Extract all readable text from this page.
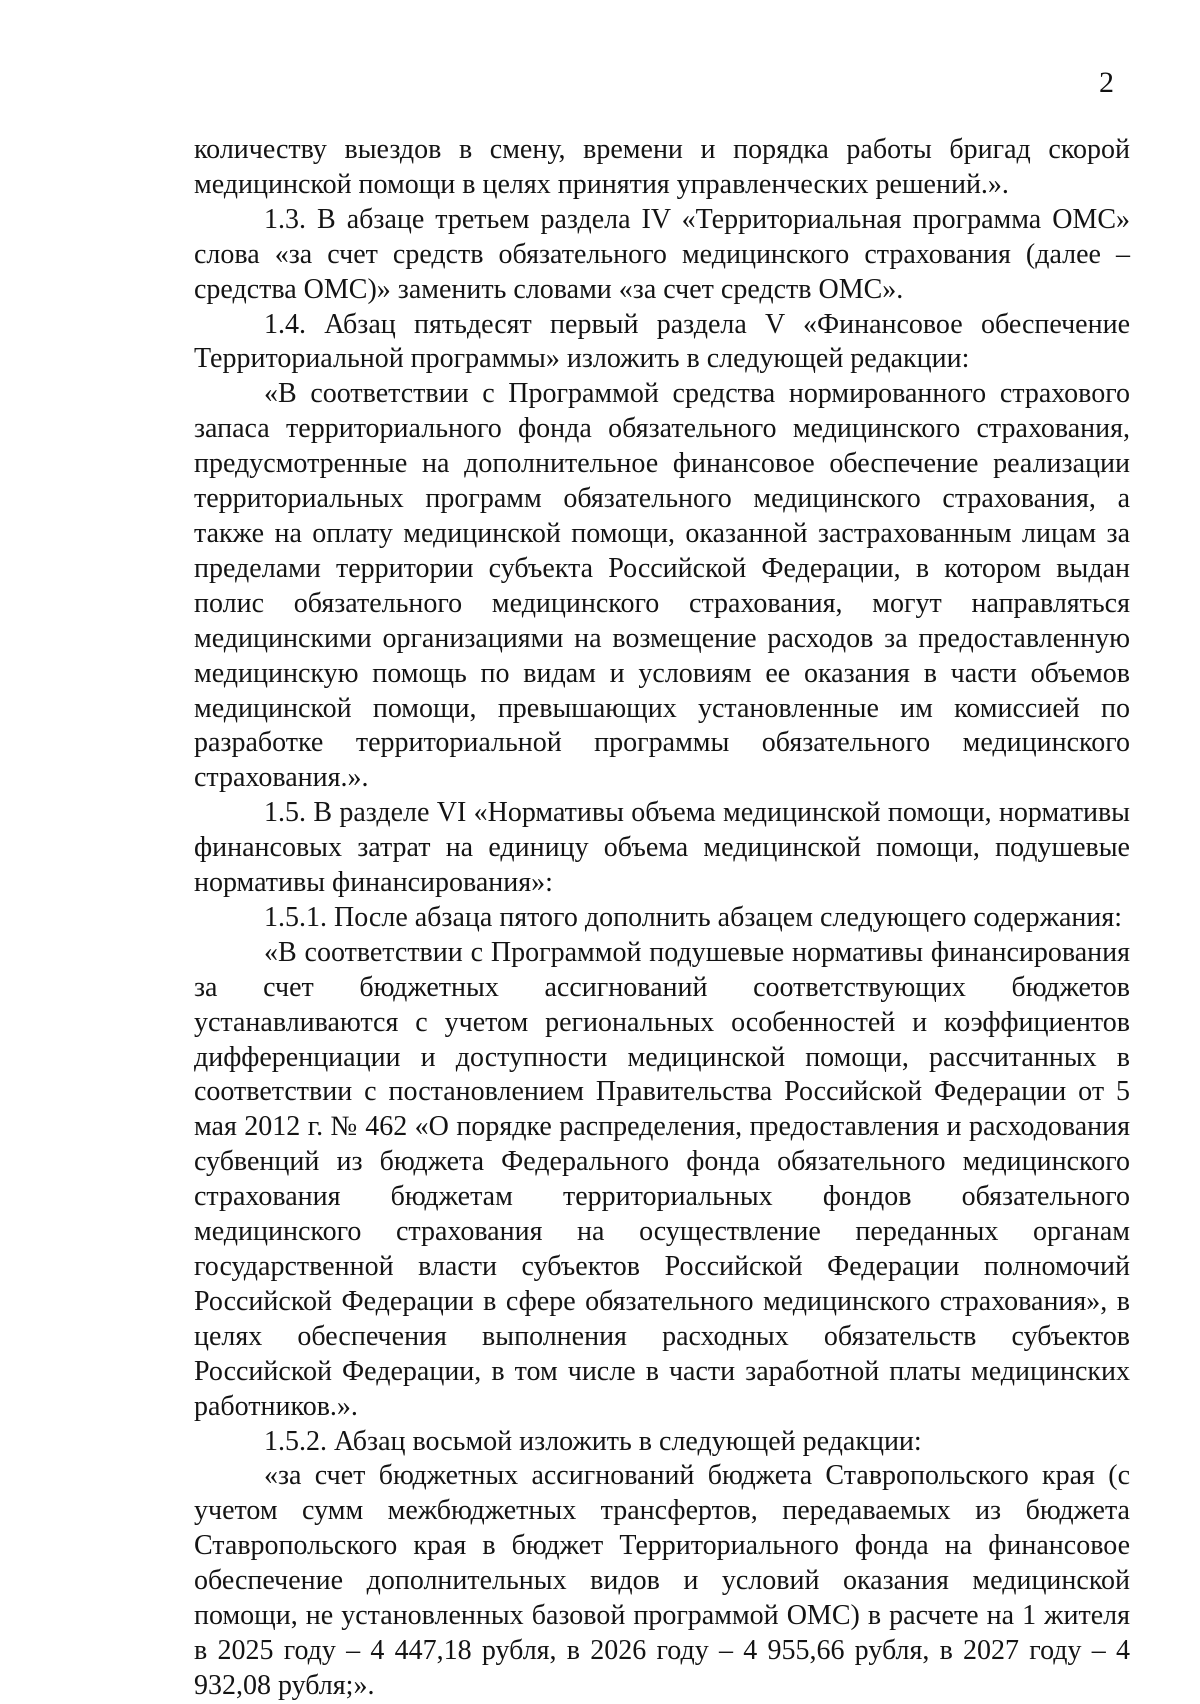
2

количеству выездов в смену, времени и порядка работы бригад скорой медицинской помощи в целях принятия управленческих решений.».

1.3. В абзаце третьем раздела IV «Территориальная программа ОМС» слова «за счет средств обязательного медицинского страхования (далее – средства ОМС)» заменить словами «за счет средств ОМС».

1.4. Абзац пятьдесят первый раздела V «Финансовое обеспечение Территориальной программы» изложить в следующей редакции:

«В соответствии с Программой средства нормированного страхового запаса территориального фонда обязательного медицинского страхования, предусмотренные на дополнительное финансовое обеспечение реализации территориальных программ обязательного медицинского страхования, а также на оплату медицинской помощи, оказанной застрахованным лицам за пределами территории субъекта Российской Федерации, в котором выдан полис обязательного медицинского страхования, могут направляться медицинскими организациями на возмещение расходов за предоставленную медицинскую помощь по видам и условиям ее оказания в части объемов медицинской помощи, превышающих установленные им комиссией по разработке территориальной программы обязательного медицинского страхования.».

1.5. В разделе VI «Нормативы объема медицинской помощи, нормативы финансовых затрат на единицу объема медицинской помощи, подушевые нормативы финансирования»:

1.5.1. После абзаца пятого дополнить абзацем следующего содержания:

«В соответствии с Программой подушевые нормативы финансирования за счет бюджетных ассигнований соответствующих бюджетов устанавливаются с учетом региональных особенностей и коэффициентов дифференциации и доступности медицинской помощи, рассчитанных в соответствии с постановлением Правительства Российской Федерации от 5 мая 2012 г. № 462 «О порядке распределения, предоставления и расходования субвенций из бюджета Федерального фонда обязательного медицинского страхования бюджетам территориальных фондов обязательного медицинского страхования на осуществление переданных органам государственной власти субъектов Российской Федерации полномочий Российской Федерации в сфере обязательного медицинского страхования», в целях обеспечения выполнения расходных обязательств субъектов Российской Федерации, в том числе в части заработной платы медицинских работников.».

1.5.2. Абзац восьмой изложить в следующей редакции:

«за счет бюджетных ассигнований бюджета Ставропольского края (с учетом сумм межбюджетных трансфертов, передаваемых из бюджета Ставропольского края в бюджет Территориального фонда на финансовое обеспечение дополнительных видов и условий оказания медицинской помощи, не установленных базовой программой ОМС) в расчете на 1 жителя в 2025 году – 4 447,18 рубля, в 2026 году – 4 955,66 рубля, в 2027 году – 4 932,08 рубля;».
